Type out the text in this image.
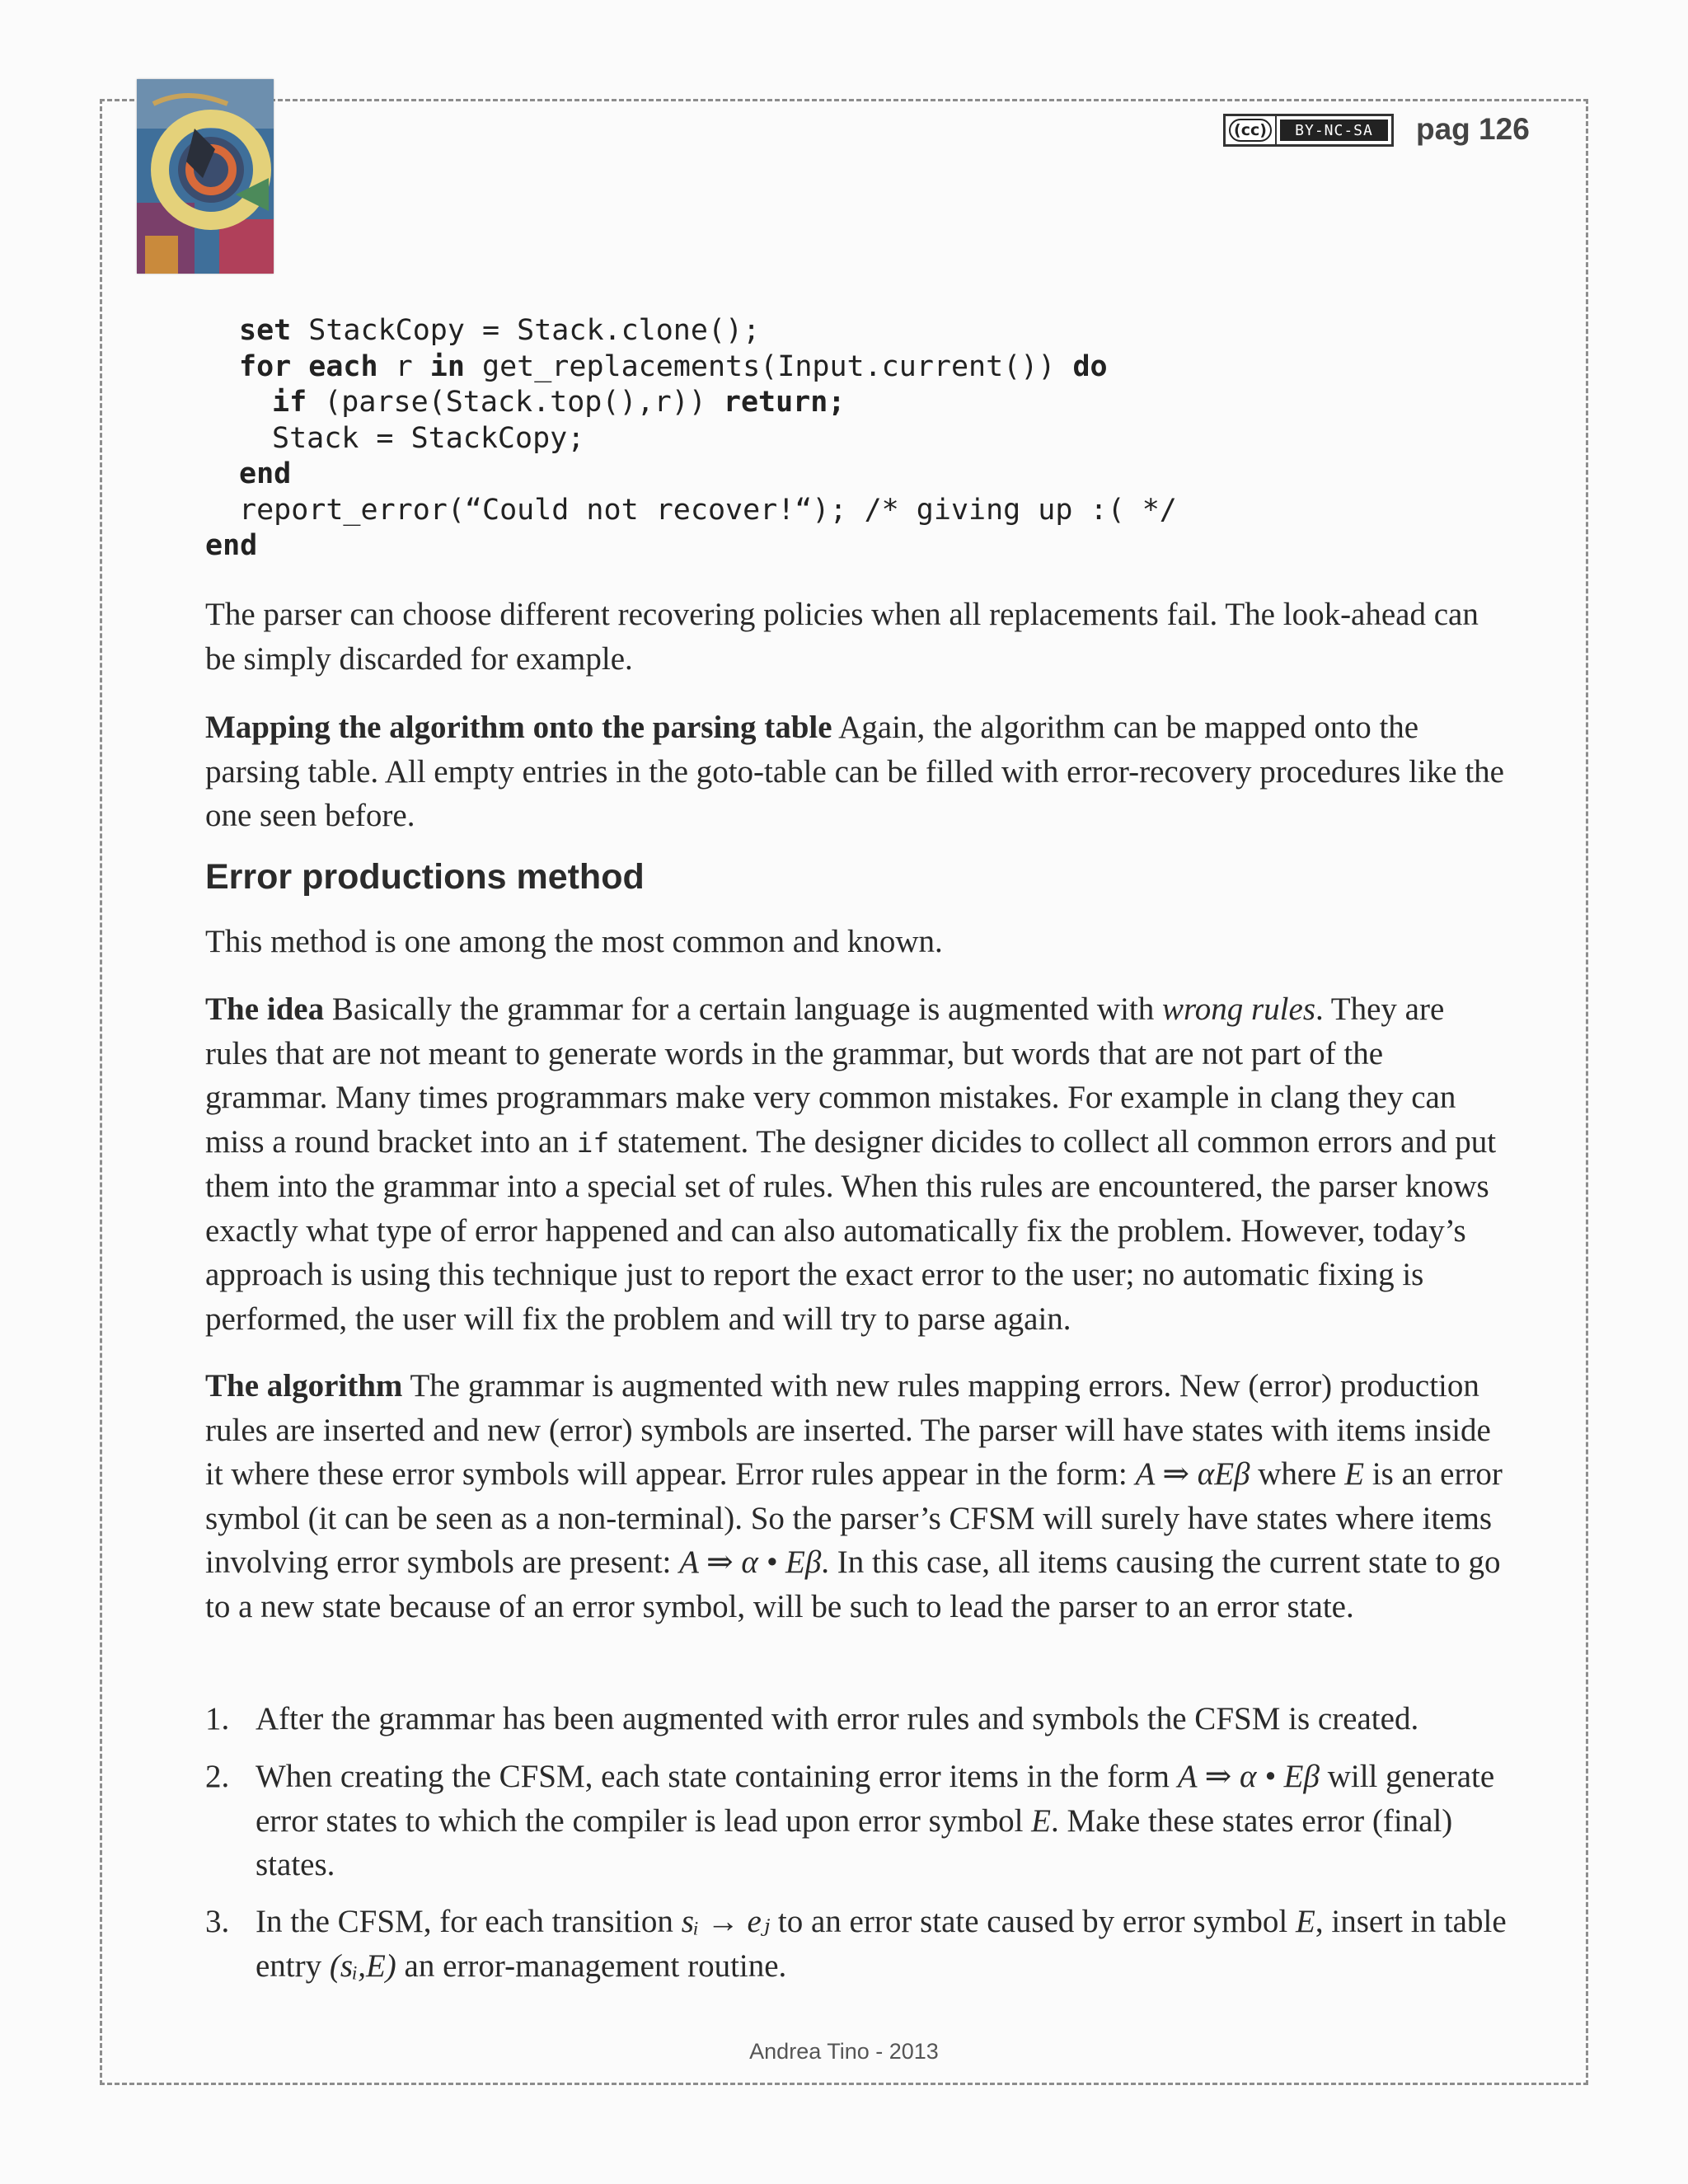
(cc)	BY-NC-SA	pag 126
set StackCopy = Stack.clone();
for each r in get_replacements(Input.current()) do
if (parse(Stack.top(),r)) return;
Stack = StackCopy;
end
report_error(“Could not recover!“); /* giving up :( */
end

The parser can choose different recovering policies when all replacements fail. The look-ahead can be simply discarded for example.

Mapping the algorithm onto the parsing table Again, the algorithm can be mapped onto the parsing table. All empty entries in the goto-table can be filled with error-recovery procedures like the one seen before.

Error productions method

This method is one among the most common and known.

The idea Basically the grammar for a certain language is augmented with wrong rules. They are rules that are not meant to generate words in the grammar, but words that are not part of the grammar. Many times programmars make very common mistakes. For example in clang they can miss a round bracket into an if statement. The designer dicides to collect all common errors and put them into the grammar into a special set of rules. When this rules are encountered, the parser knows exactly what type of error happened and can also automatically fix the problem. However, today’s approach is using this technique just to report the exact error to the user; no automatic fixing is performed, the user will fix the problem and will try to parse again.

The algorithm The grammar is augmented with new rules mapping errors. New (error) production rules are inserted and new (error) symbols are inserted. The parser will have states with items inside it where these error symbols will appear. Error rules appear in the form: A ⇒ αEβ where E is an error symbol (it can be seen as a non-terminal). So the parser’s CFSM will surely have states where items involving error symbols are present: A ⇒ α • Eβ. In this case, all items causing the current state to go to a new state because of an error symbol, will be such to lead the parser to an error state.

1. After the grammar has been augmented with error rules and symbols the CFSM is created.
2. When creating the CFSM, each state containing error items in the form A ⇒ α • Eβ will generate error states to which the compiler is lead upon error symbol E. Make these states error (final) states.
3. In the CFSM, for each transition sᵢ → eⱼ to an error state caused by error symbol E, insert in table entry (sᵢ,E) an error-management routine.
Andrea Tino - 2013
